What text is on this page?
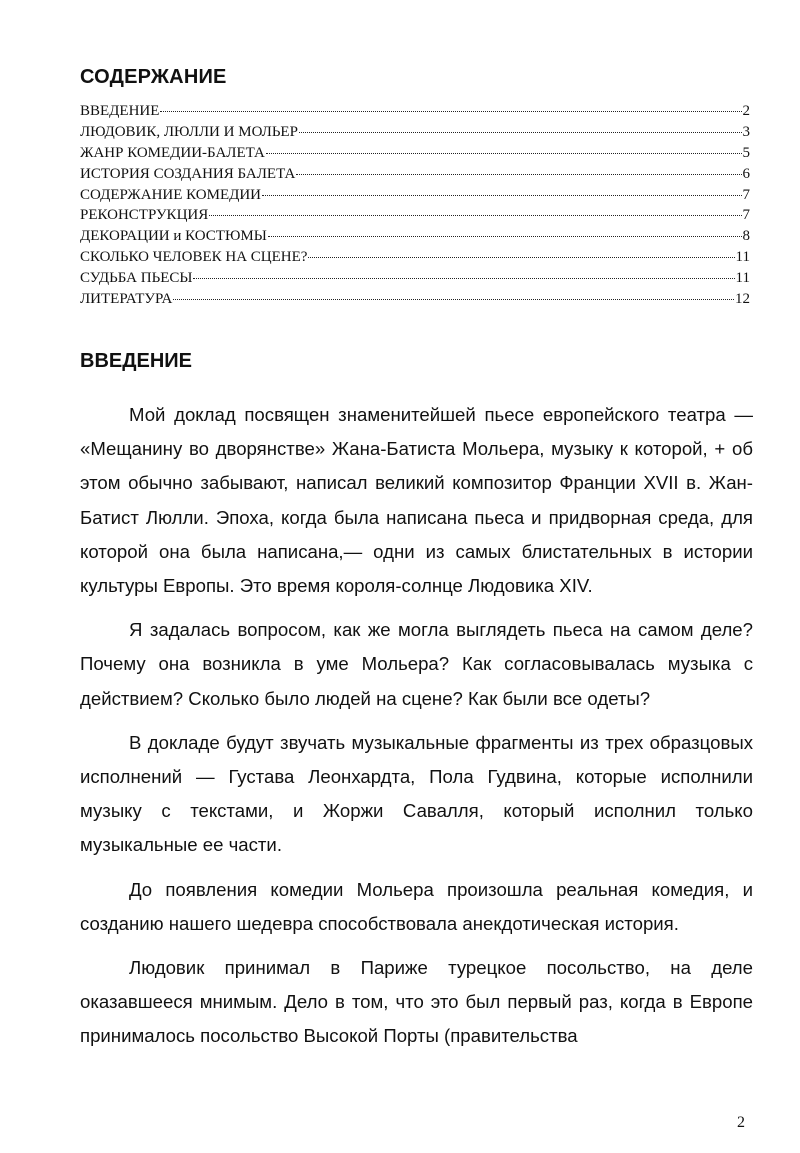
СОДЕРЖАНИЕ
ВВЕДЕНИЕ	2
ЛЮДОВИК, ЛЮЛЛИ И МОЛЬЕР	3
ЖАНР КОМЕДИИ-БАЛЕТА	5
ИСТОРИЯ СОЗДАНИЯ БАЛЕТА	6
СОДЕРЖАНИЕ КОМЕДИИ	7
РЕКОНСТРУКЦИЯ	7
ДЕКОРАЦИИ и КОСТЮМЫ	8
СКОЛЬКО ЧЕЛОВЕК НА СЦЕНЕ?	11
СУДЬБА ПЬЕСЫ	11
ЛИТЕРАТУРА	12
ВВЕДЕНИЕ

Мой доклад посвящен знаменитейшей пьесе европейского театра — «Мещанину во дворянстве» Жана-Батиста Мольера, музыку к которой, + об этом обычно забывают, написал великий композитор Франции XVII в. Жан-Батист Люлли. Эпоха, когда была написана пьеса и придворная среда, для которой она была написана,— одни из самых блистательных в истории культуры Европы. Это время короля-солнце Людовика XIV.

Я задалась вопросом, как же могла выглядеть пьеса на самом деле? Почему она возникла в уме Мольера? Как согласовывалась музыка с действием? Сколько было людей на сцене? Как были все одеты?

В докладе будут звучать музыкальные фрагменты из трех образцовых исполнений — Густава Леонхардта, Пола Гудвина, которые исполнили музыку с текстами, и Жоржи Савалля, который исполнил только музыкальные ее части.

До появления комедии Мольера произошла реальная комедия, и созданию нашего шедевра способствовала анекдотическая история.

Людовик принимал в Париже турецкое посольство, на деле оказавшееся мнимым. Дело в том, что это был первый раз, когда в Европе принималось посольство Высокой Порты (правительства

2
